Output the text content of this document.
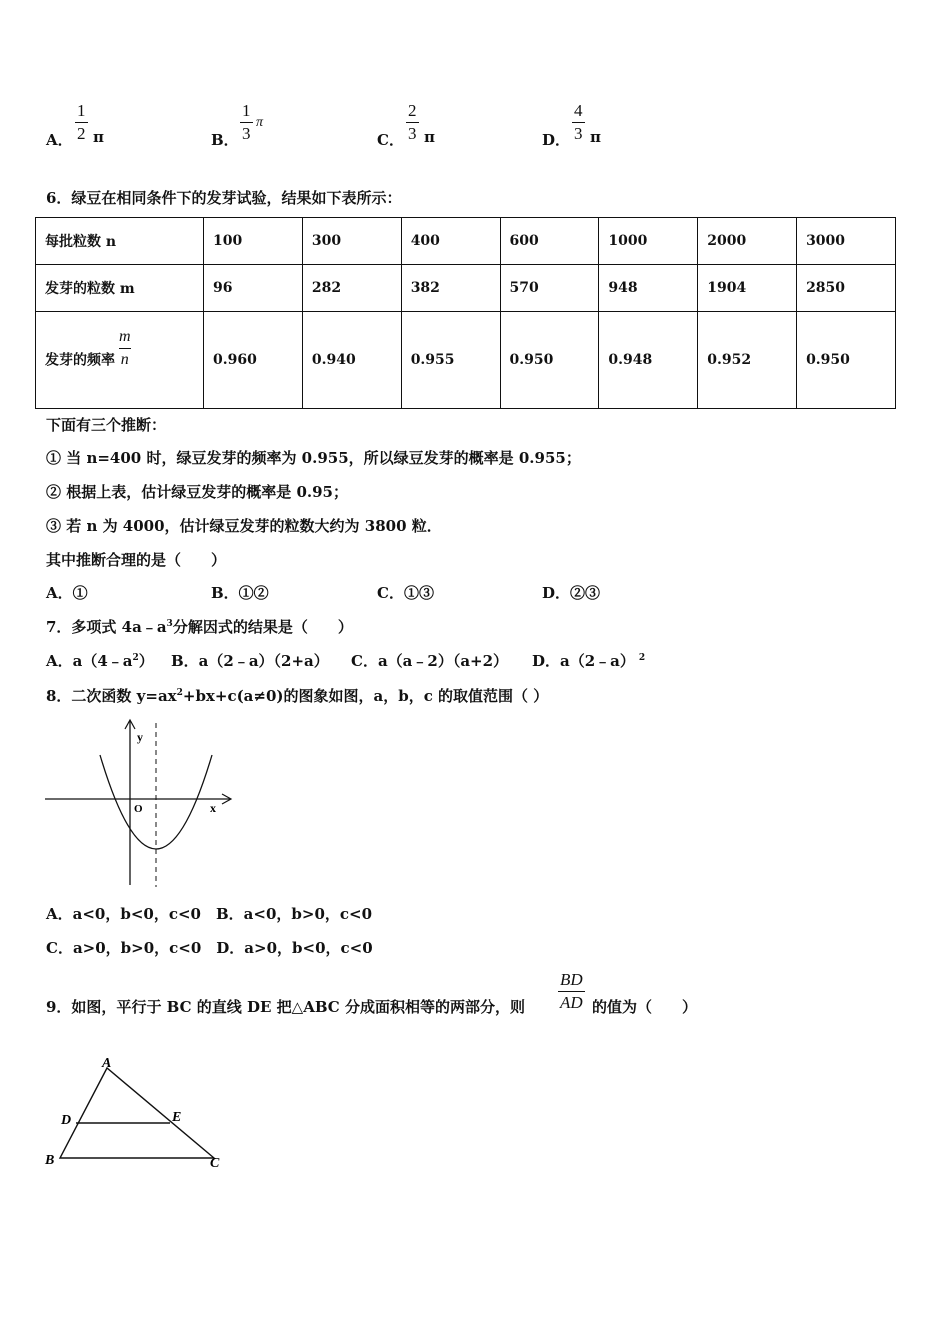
A．
1
2 π	B．
1
3
π
C．
2
3 π	D．
4
3 π
6．绿豆在相同条件下的发芽试验，结果如下表所示：
每批粒数 n	100	300	400	600	1000	2000	3000
发芽的粒数 m	96	282	382	570	948	1904	2850
发芽的频率 $\frac{m}{n}$	0.960	0.940	0.955	0.950	0.948	0.952	0.950
下面有三个推断：
① 当 n=400 时，绿豆发芽的频率为 0.955，所以绿豆发芽的概率是 0.955；
② 根据上表，估计绿豆发芽的概率是 0.95；
③ 若 n 为 4000，估计绿豆发芽的粒数大约为 3800 粒．
其中推断合理的是（　　）
A．①	B．①②	C．①③	D．②③
7．多项式 $4a﹣a^3$分解因式的结果是（　　）
A．$a(4﹣a^2)$ B．a（2﹣a）（2+a） C．a（a﹣2）（a+2） D．a（2﹣a） $^2$
8．二次函数 $y=ax^2+bx+c(a\ne 0)$的图象如图，a，b，c 的取值范围（ ）
y
x
O
A．a<0，b<0，c<0　B．a<0，b>0，c<0
C．a>0，b>0，c<0　D．a>0，b<0，c<0
9．如图，平行于 BC 的直线 DE 把△ABC 分成面积相等的两部分，则
BD
AD 的值为（　　）
A
D	E
B	C
